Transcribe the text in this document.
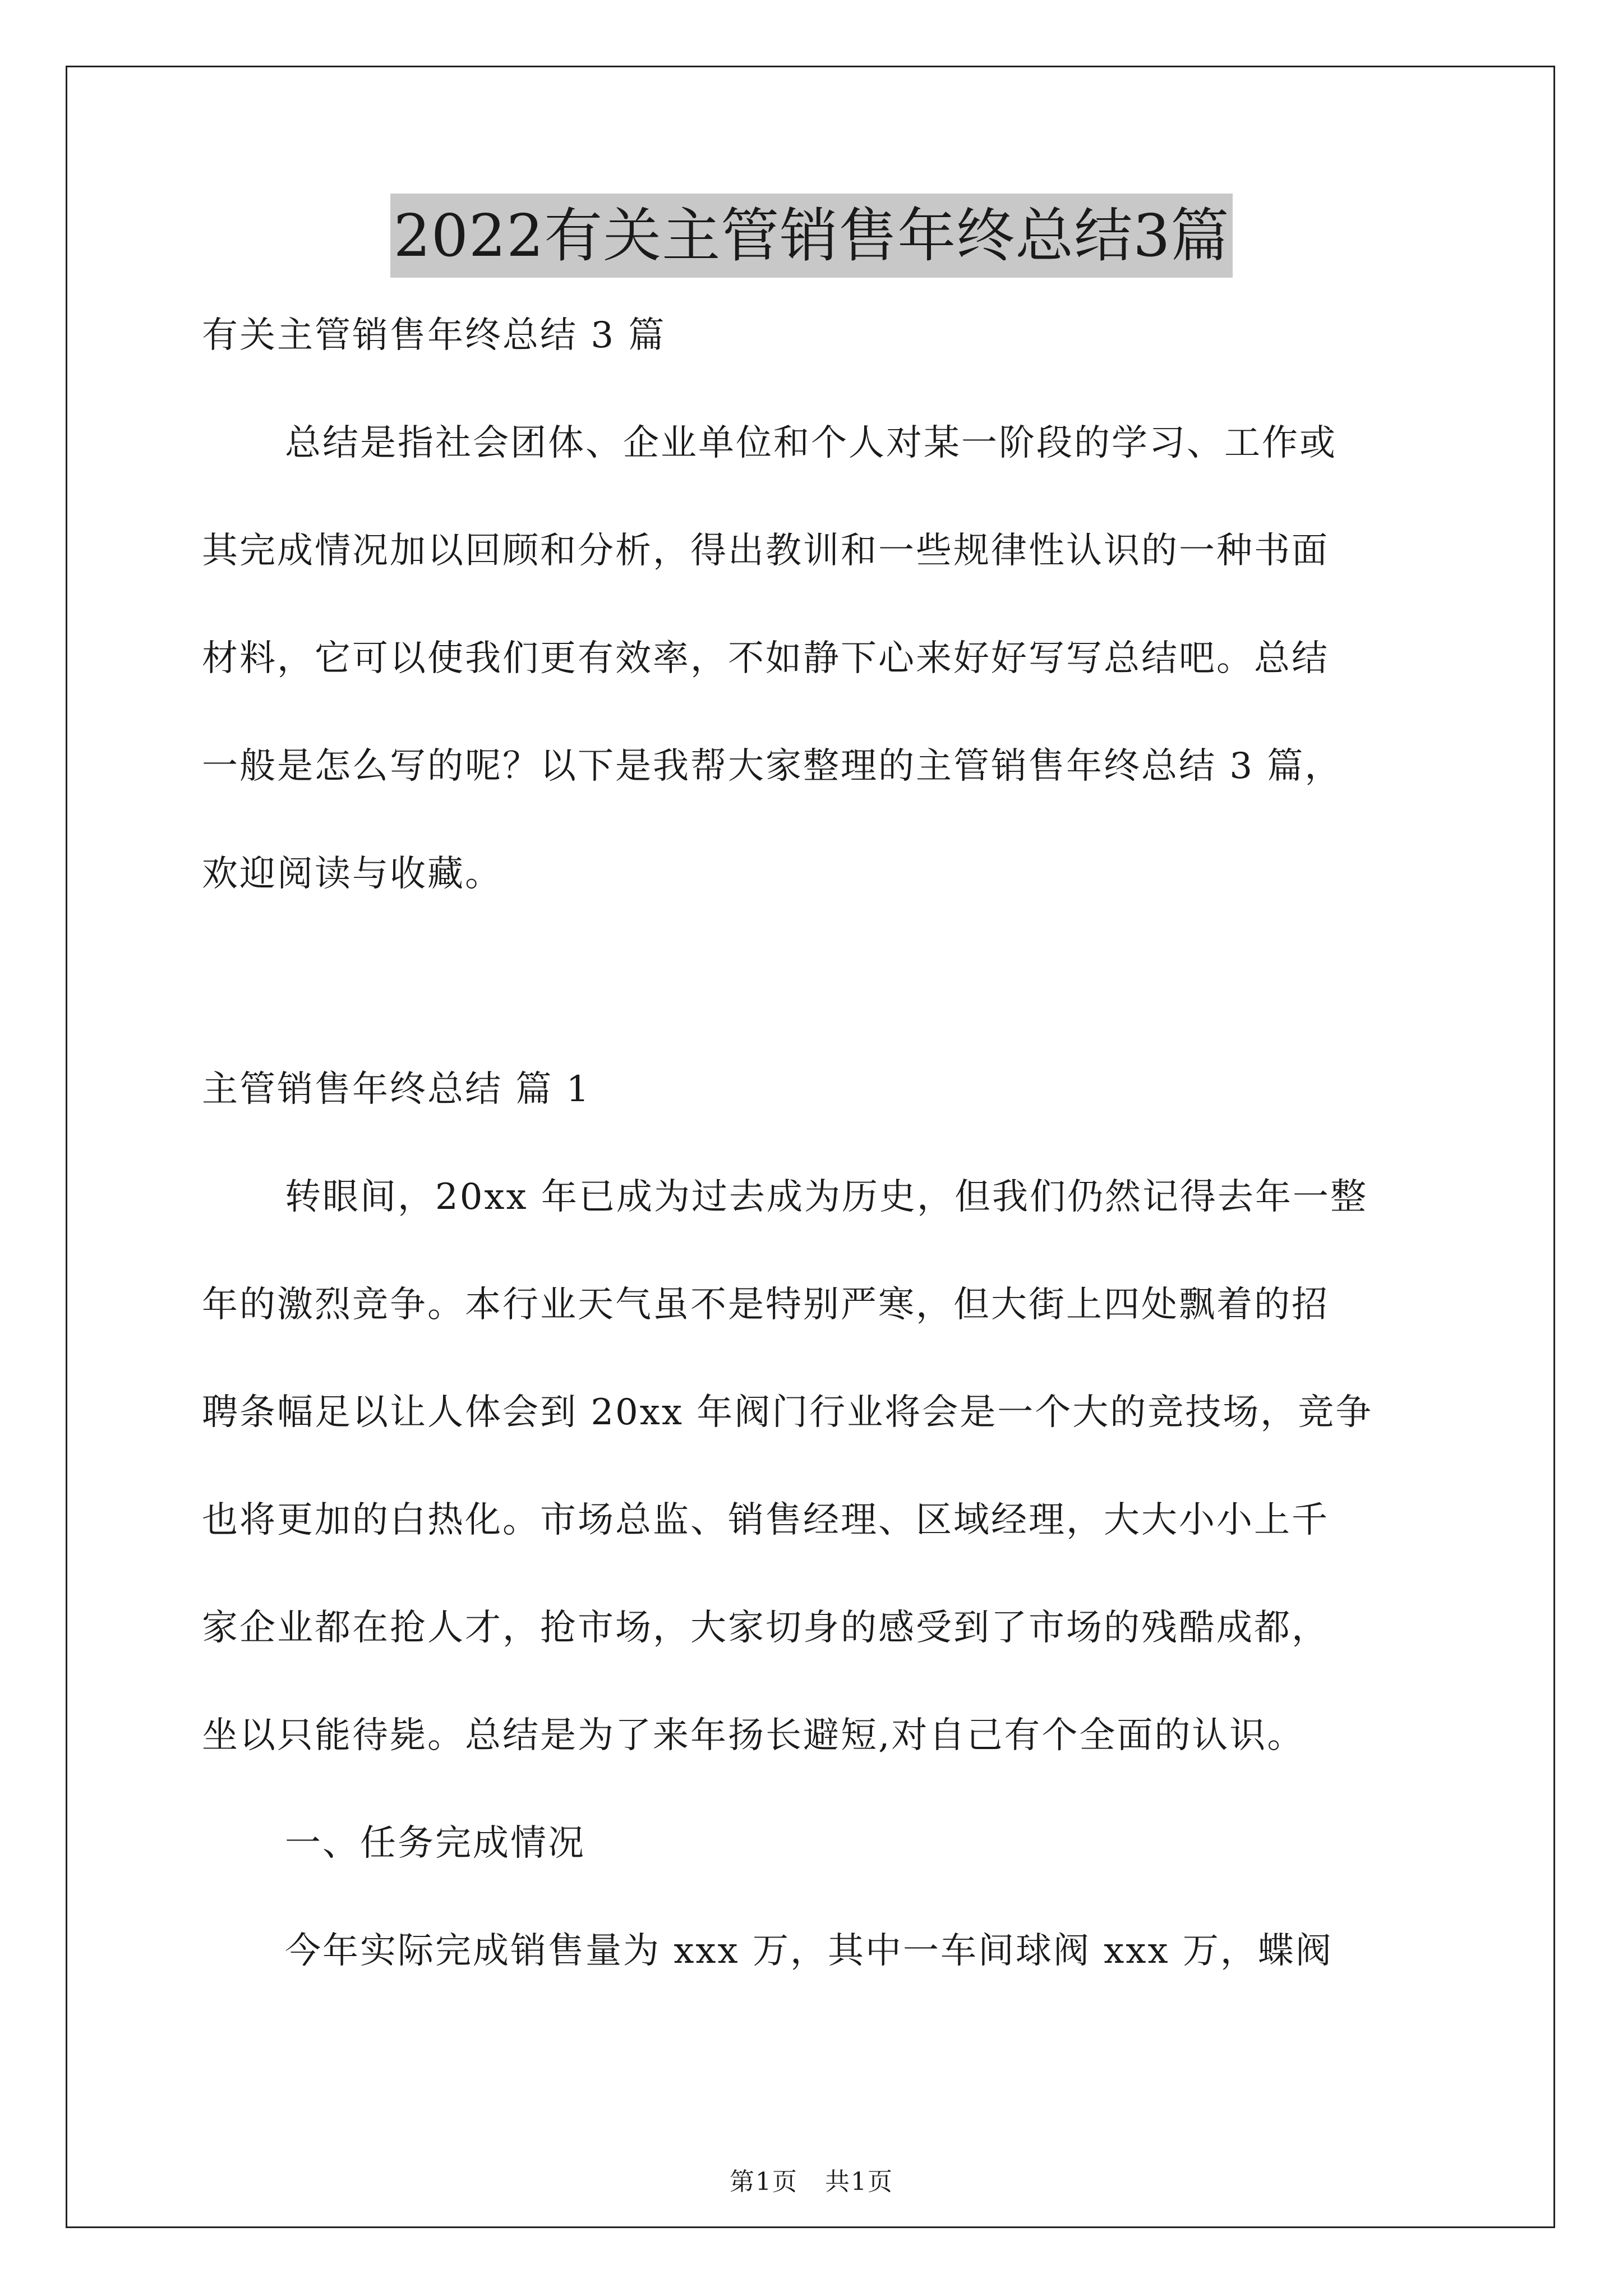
2022有关主管销售年终总结3篇
有关主管销售年终总结 3 篇
总结是指社会团体、企业单位和个人对某一阶段的学习、工作或
其完成情况加以回顾和分析，得出教训和一些规律性认识的一种书面
材料，它可以使我们更有效率，不如静下心来好好写写总结吧。总结
一般是怎么写的呢？以下是我帮大家整理的主管销售年终总结 3 篇，
欢迎阅读与收藏。
主管销售年终总结 篇 1
转眼间，20xx 年已成为过去成为历史，但我们仍然记得去年一整
年的激烈竞争。本行业天气虽不是特别严寒，但大街上四处飘着的招
聘条幅足以让人体会到 20xx 年阀门行业将会是一个大的竞技场，竞争
也将更加的白热化。市场总监、销售经理、区域经理，大大小小上千
家企业都在抢人才，抢市场，大家切身的感受到了市场的残酷成都，
坐以只能待毙。总结是为了来年扬长避短,对自己有个全面的认识。
一、任务完成情况
今年实际完成销售量为 xxx 万，其中一车间球阀 xxx 万，蝶阀
第1页   共1页
